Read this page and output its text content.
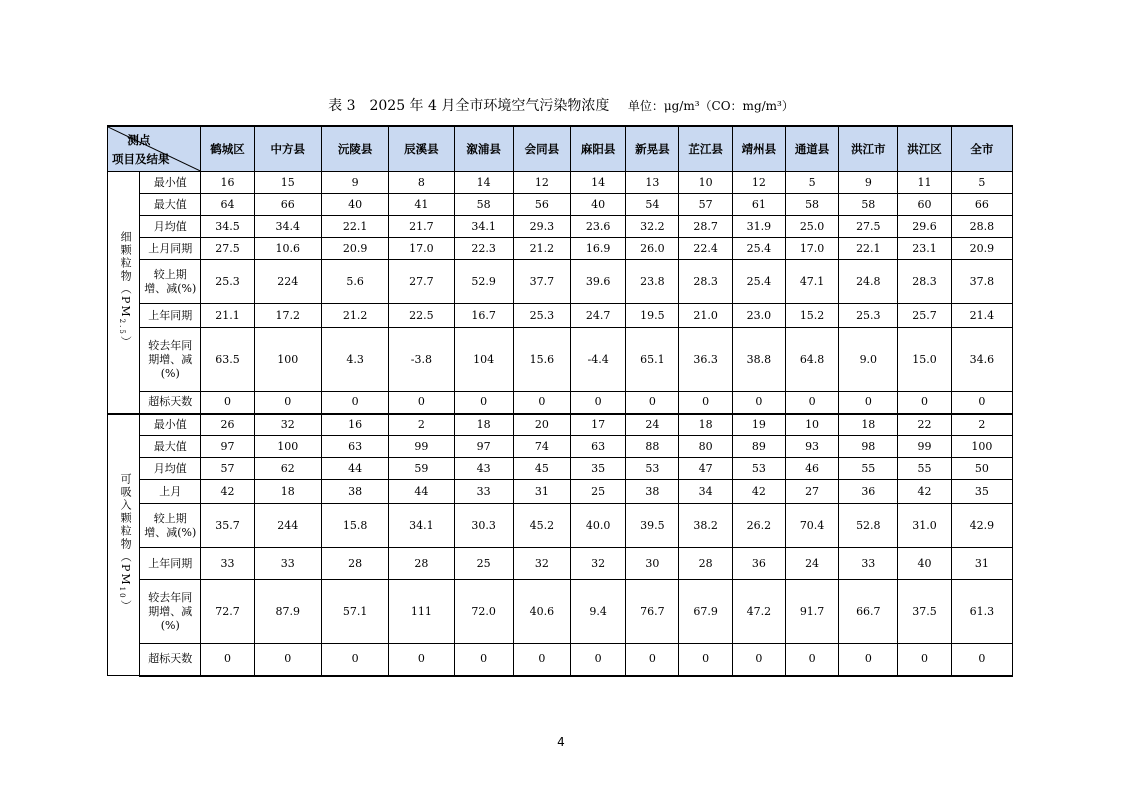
表 3　2025 年 4 月全市环境空气污染物浓度 单位：μg/m³（CO：mg/m³）
测点
项目及结果		鹤城区	中方县	沅陵县	辰溪县	溆浦县	会同县	麻阳县	新晃县	芷江县	靖州县	通道县	洪江市	洪江区	全市
细颗粒物$(PM_{2.5})$	最小值	16	15	9	8	14	12	14	13	10	12	5	9	11	5
	最大值	64	66	40	41	58	56	40	54	57	61	58	58	60	66
	月均值	34.5	34.4	22.1	21.7	34.1	29.3	23.6	32.2	28.7	31.9	25.0	27.5	29.6	28.8
	上月同期	27.5	10.6	20.9	17.0	22.3	21.2	16.9	26.0	22.4	25.4	17.0	22.1	23.1	20.9
	较上期
增、减(%)	25.3	224	5.6	27.7	52.9	37.7	39.6	23.8	28.3	25.4	47.1	24.8	28.3	37.8
	上年同期	21.1	17.2	21.2	22.5	16.7	25.3	24.7	19.5	21.0	23.0	15.2	25.3	25.7	21.4
	较去年同
期增、减
(%)	63.5	100	4.3	-3.8	104	15.6	-4.4	65.1	36.3	38.8	64.8	9.0	15.0	34.6
	超标天数	0	0	0	0	0	0	0	0	0	0	0	0	0	0
可吸入颗粒物$(PM_{10})$	最小值	26	32	16	2	18	20	17	24	18	19	10	18	22	2
	最大值	97	100	63	99	97	74	63	88	80	89	93	98	99	100
	月均值	57	62	44	59	43	45	35	53	47	53	46	55	55	50
	上月	42	18	38	44	33	31	25	38	34	42	27	36	42	35
	较上期
增、减(%)	35.7	244	15.8	34.1	30.3	45.2	40.0	39.5	38.2	26.2	70.4	52.8	31.0	42.9
	上年同期	33	33	28	28	25	32	32	30	28	36	24	33	40	31
	较去年同
期增、减
(%)	72.7	87.9	57.1	111	72.0	40.6	9.4	76.7	67.9	47.2	91.7	66.7	37.5	61.3
	超标天数	0	0	0	0	0	0	0	0	0	0	0	0	0	0
4
